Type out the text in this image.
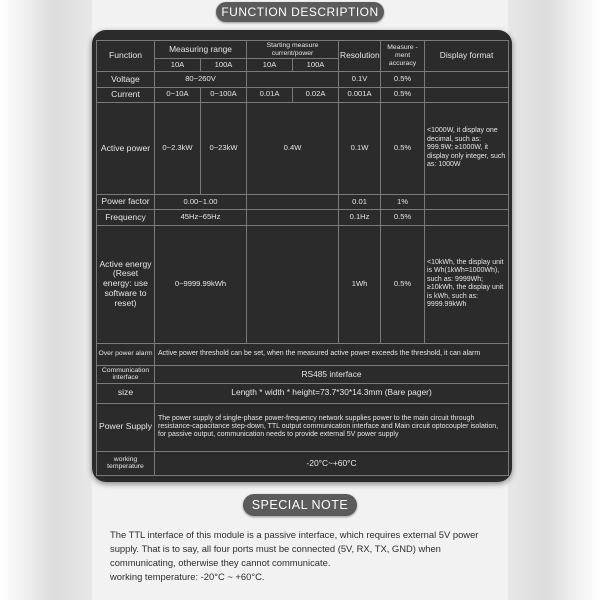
FUNCTION DESCRIPTION
Function	Measuring range		Starting measure current/power		Resolution	Measure -ment accuracy	Display format
	10A	100A	10A	100A			
Voltage	80~260V				0.1V	0.5%	
Current	0~10A	0~100A	0.01A	0.02A	0.001A	0.5%	
Active power	0~2.3kW	0~23kW	0.4W		0.1W	0.5%	<1000W, it display one decimal, such as: 999.9W; ≥1000W, it display only integer, such as: 1000W
Power factor	0.00~1.00				0.01	1%	
Frequency	45Hz~65Hz				0.1Hz	0.5%	
Active energy (Reset energy: use software to reset)	0~9999.99kWh				1Wh	0.5%	<10kWh, the display unit is Wh(1kWh=1000Wh), such as: 9999Wh; ≥10kWh, the display unit is kWh, such as: 9999.99kWh
Over power alarm	Active power threshold can be set, when the measured active power exceeds the threshold, it can alarm						
Communication interface	RS485 interface						
size	Length * width * height=73.7*30*14.3mm (Bare pager)						
Power Supply	The power supply of single-phase power-frequency network supplies power to the main circuit through resistance-capacitance step-down, TTL output communication interface and Main circuit optocoupler isolation, for passive output, communication needs to provide external 5V power supply						
working temperature	-20°C~+60°C						
SPECIAL NOTE

The TTL interface of this module is a passive interface, which requires external 5V power supply. That is to say, all four ports must be connected (5V, RX, TX, GND) when communicating, otherwise they cannot communicate.

working temperature: -20°C ~ +60°C.
